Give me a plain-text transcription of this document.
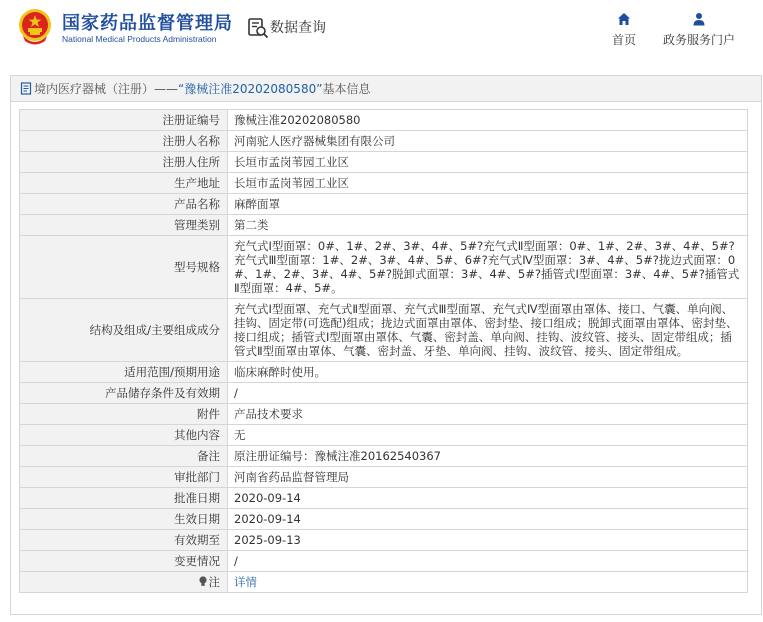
国家药品监督管理局
National Medical Products Administration
数据查询
首页	政务服务门户
境内医疗器械（注册） —— “豫械注准20202080580” 基本信息
注册证编号	豫械注准20202080580
注册人名称	河南驼人医疗器械集团有限公司
注册人住所	长垣市孟岗苇园工业区
生产地址	长垣市孟岗苇园工业区
产品名称	麻醉面罩
管理类别	第二类
型号规格	充气式Ⅰ型面罩：0#、1#、2#、3#、4#、5#?充气式Ⅱ型面罩：0#、1#、2#、3#、4#、5#?充气式Ⅲ型面罩：1#、2#、3#、4#、5#、6#?充气式Ⅳ型面罩：3#、4#、5#?拢边式面罩：0#、1#、2#、3#、4#、5#?脱卸式面罩：3#、4#、5#?插管式Ⅰ型面罩：3#、4#、5#?插管式Ⅱ型面罩：4#、5#。
结构及组成/主要组成成分	充气式Ⅰ型面罩、充气式Ⅱ型面罩、充气式Ⅲ型面罩、充气式Ⅳ型面罩由罩体、接口、气囊、单向阀、挂钩、固定带(可选配)组成；拢边式面罩由罩体、密封垫、接口组成；脱卸式面罩由罩体、密封垫、接口组成；插管式Ⅰ型面罩由罩体、气囊、密封盖、单向阀、挂钩、波纹管、接头、固定带组成；插管式Ⅱ型面罩由罩体、气囊、密封盖、牙垫、单向阀、挂钩、波纹管、接头、固定带组成。
适用范围/预期用途	临床麻醉时使用。
产品储存条件及有效期	/
附件	产品技术要求
其他内容	无
备注	原注册证编号：豫械注准20162540367
审批部门	河南省药品监督管理局
批准日期	2020-09-14
生效日期	2020-09-14
有效期至	2025-09-13
变更情况	/
注	详情
